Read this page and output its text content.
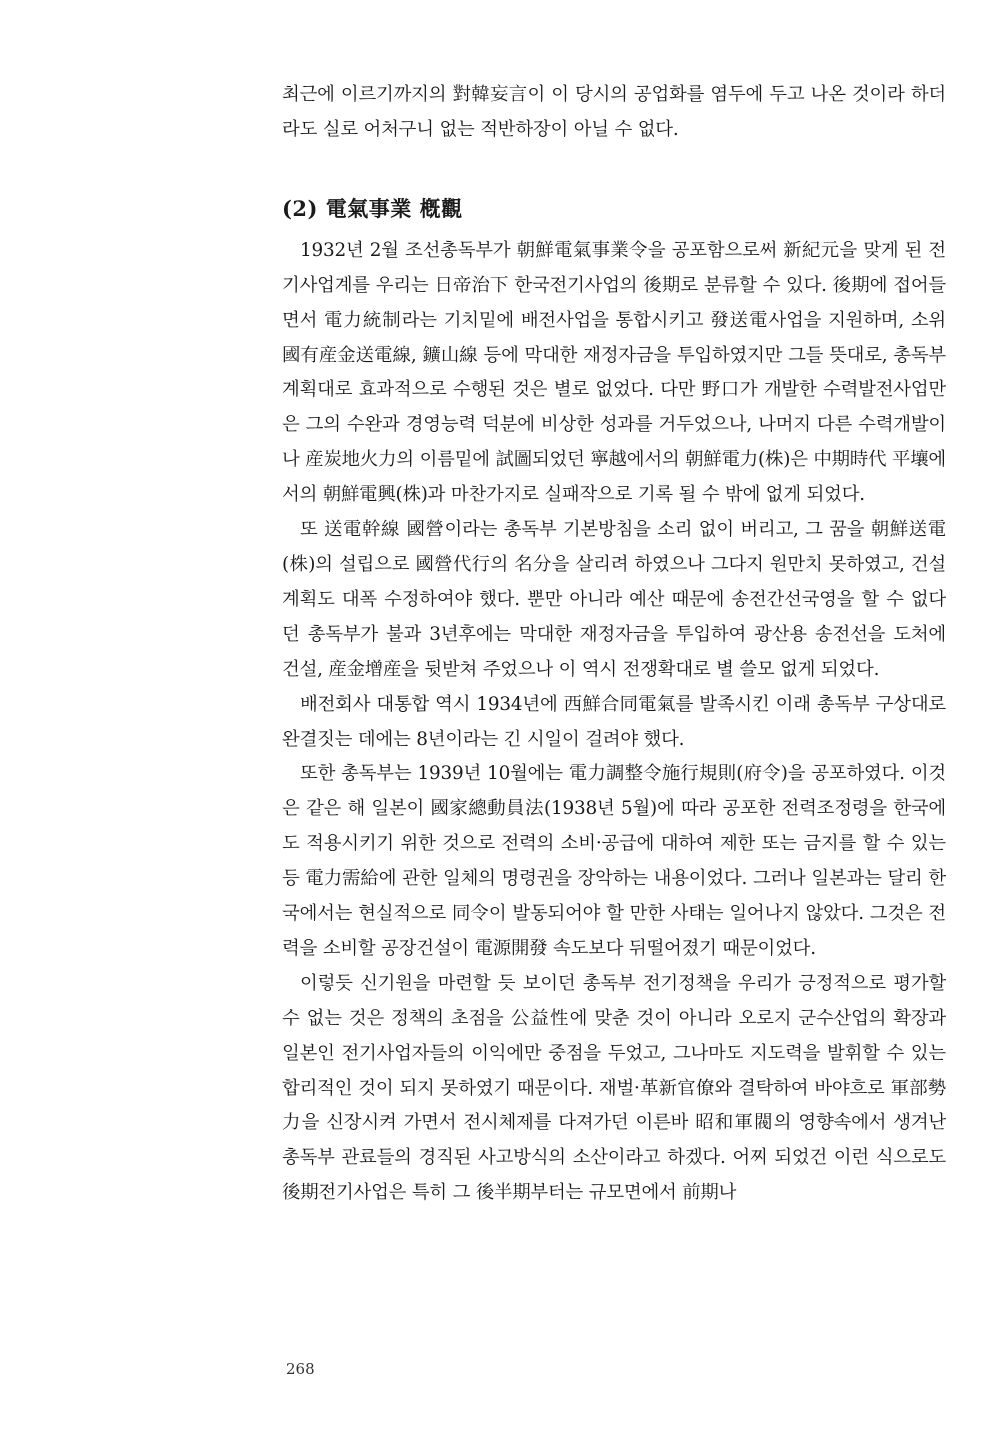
최근에 이르기까지의 對韓妄言이 이 당시의 공업화를 염두에 두고 나온 것이라 하더라도 실로 어처구니 없는 적반하장이 아닐 수 없다.

(2) 電氣事業 槪觀

1932년 2월 조선총독부가 朝鮮電氣事業令을 공포함으로써 新紀元을 맞게 된 전기사업계를 우리는 日帝治下 한국전기사업의 後期로 분류할 수 있다. 後期에 접어들면서 電力統制라는 기치밑에 배전사업을 통합시키고 發送電사업을 지원하며, 소위 國有産金送電線, 鑛山線 등에 막대한 재정자금을 투입하였지만 그들 뜻대로, 총독부계획대로 효과적으로 수행된 것은 별로 없었다. 다만 野口가 개발한 수력발전사업만은 그의 수완과 경영능력 덕분에 비상한 성과를 거두었으나, 나머지 다른 수력개발이나 産炭地火力의 이름밑에 試圖되었던 寧越에서의 朝鮮電力(株)은 中期時代 平壤에서의 朝鮮電興(株)과 마찬가지로 실패작으로 기록 될 수 밖에 없게 되었다.

또 送電幹線 國營이라는 총독부 기본방침을 소리 없이 버리고, 그 꿈을 朝鮮送電(株)의 설립으로 國營代行의 名分을 살리려 하였으나 그다지 원만치 못하였고, 건설계획도 대폭 수정하여야 했다. 뿐만 아니라 예산 때문에 송전간선국영을 할 수 없다던 총독부가 불과 3년후에는 막대한 재정자금을 투입하여 광산용 송전선을 도처에 건설, 産金增産을 뒷받쳐 주었으나 이 역시 전쟁확대로 별 쓸모 없게 되었다.

배전회사 대통합 역시 1934년에 西鮮合同電氣를 발족시킨 이래 총독부 구상대로 완결짓는 데에는 8년이라는 긴 시일이 걸려야 했다.

또한 총독부는 1939년 10월에는 電力調整令施行規則(府令)을 공포하였다. 이것은 같은 해 일본이 國家總動員法(1938년 5월)에 따라 공포한 전력조정령을 한국에도 적용시키기 위한 것으로 전력의 소비·공급에 대하여 제한 또는 금지를 할 수 있는 등 電力需給에 관한 일체의 명령권을 장악하는 내용이었다. 그러나 일본과는 달리 한국에서는 현실적으로 同令이 발동되어야 할 만한 사태는 일어나지 않았다. 그것은 전력을 소비할 공장건설이 電源開發 속도보다 뒤떨어졌기 때문이었다.

이렇듯 신기원을 마련할 듯 보이던 총독부 전기정책을 우리가 긍정적으로 평가할 수 없는 것은 정책의 초점을 公益性에 맞춘 것이 아니라 오로지 군수산업의 확장과 일본인 전기사업자들의 이익에만 중점을 두었고, 그나마도 지도력을 발휘할 수 있는 합리적인 것이 되지 못하였기 때문이다. 재벌·革新官僚와 결탁하여 바야흐로 軍部勢力을 신장시켜 가면서 전시체제를 다져가던 이른바 昭和軍閥의 영향속에서 생겨난 총독부 관료들의 경직된 사고방식의 소산이라고 하겠다. 어찌 되었건 이런 식으로도 後期전기사업은 특히 그 後半期부터는 규모면에서 前期나

268
